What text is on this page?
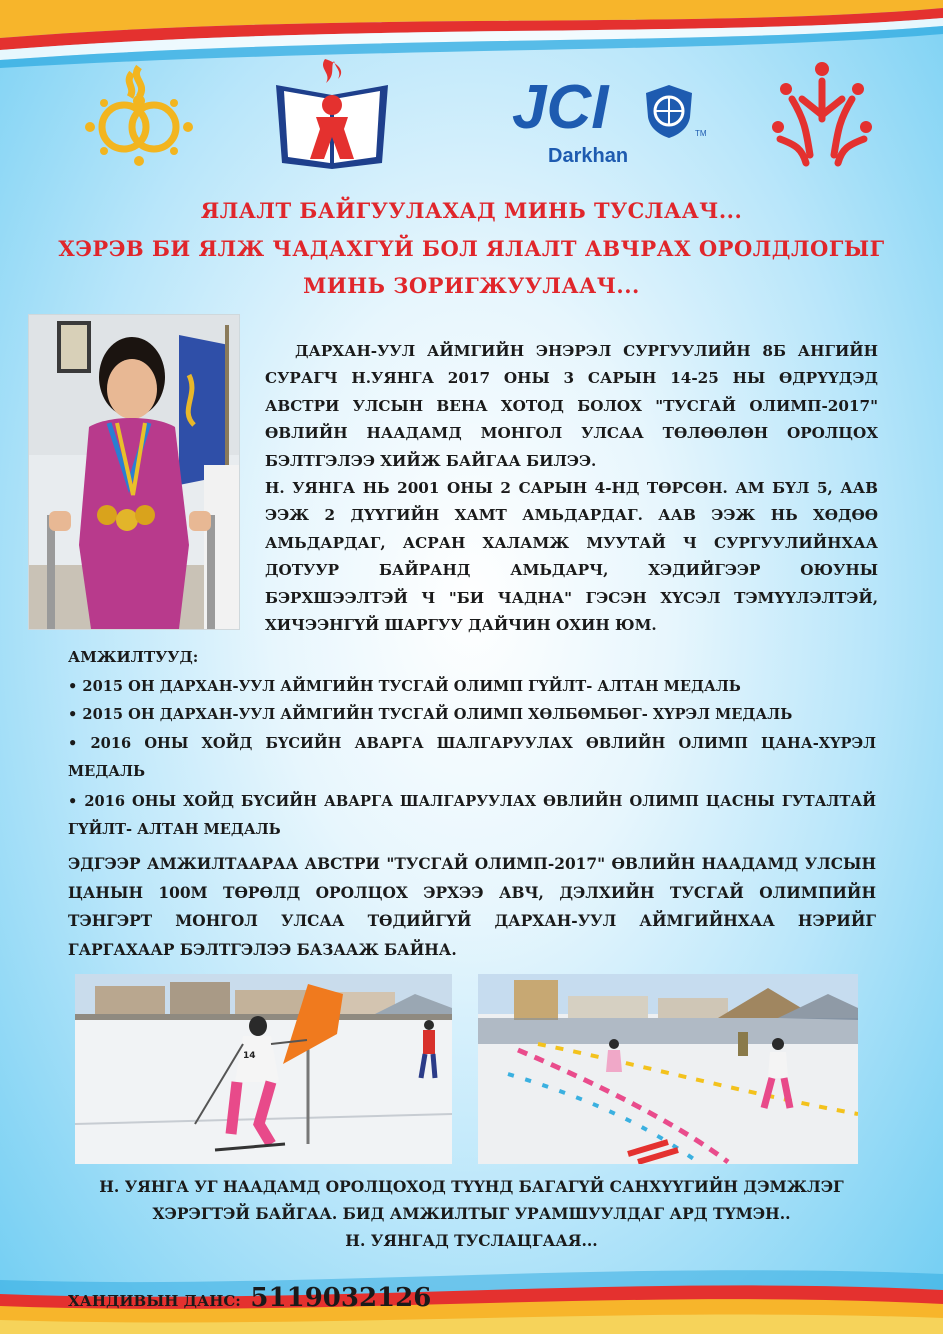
JCI	TM
Darkhan
ЯЛАЛТ БАЙГУУЛАХАД МИНЬ ТУСЛААЧ...
ХЭРЭВ БИ ЯЛЖ ЧАДАХГҮЙ БОЛ ЯЛАЛТ АВЧРАХ ОРОЛДЛОГЫГ
МИНЬ ЗОРИГЖУУЛААЧ...
ДАРХАН-УУЛ АЙМГИЙН ЭНЭРЭЛ СУРГУУЛИЙН 8Б АНГИЙН СУРАГЧ Н.УЯНГА 2017 ОНЫ 3 САРЫН 14-25 НЫ ӨДРҮҮДЭД АВСТРИ УЛСЫН ВЕНА ХОТОД БОЛОХ "ТУСГАЙ ОЛИМП-2017" ӨВЛИЙН НААДАМД МОНГОЛ УЛСАА ТӨЛӨӨЛӨН ОРОЛЦОХ БЭЛТГЭЛЭЭ ХИЙЖ БАЙГАА БИЛЭЭ.
Н. УЯНГА НЬ 2001 ОНЫ 2 САРЫН 4-НД ТӨРСӨН. АМ БҮЛ 5, ААВ ЭЭЖ 2 ДҮҮГИЙН ХАМТ АМЬДАРДАГ. ААВ ЭЭЖ НЬ ХӨДӨӨ АМЬДАРДАГ, АСРАН ХАЛАМЖ МУУТАЙ Ч СУРГУУЛИЙНХАА ДОТУУР БАЙРАНД АМЬДАРЧ, ХЭДИЙГЭЭР ОЮУНЫ БЭРХШЭЭЛТЭЙ Ч "БИ ЧАДНА" ГЭСЭН ХҮСЭЛ ТЭМҮҮЛЭЛТЭЙ, ХИЧЭЭНГҮЙ ШАРГУУ ДАЙЧИН ОХИН ЮМ.
АМЖИЛТУУД:
• 2015 ОН ДАРХАН-УУЛ АЙМГИЙН ТУСГАЙ ОЛИМП ГҮЙЛТ- АЛТАН МЕДАЛЬ
• 2015 ОН ДАРХАН-УУЛ АЙМГИЙН ТУСГАЙ ОЛИМП ХӨЛБӨМБӨГ- ХҮРЭЛ МЕДАЛЬ
• 2016 ОНЫ ХОЙД БҮСИЙН АВАРГА ШАЛГАРУУЛАХ ӨВЛИЙН ОЛИМП ЦАНА-ХҮРЭЛ МЕДАЛЬ
• 2016 ОНЫ ХОЙД БҮСИЙН АВАРГА ШАЛГАРУУЛАХ ӨВЛИЙН ОЛИМП ЦАСНЫ ГУТАЛТАЙ ГҮЙЛТ- АЛТАН МЕДАЛЬ
ЭДГЭЭР АМЖИЛТААРАА АВСТРИ "ТУСГАЙ ОЛИМП-2017" ӨВЛИЙН НААДАМД УЛСЫН ЦАНЫН 100М ТӨРӨЛД ОРОЛЦОХ ЭРХЭЭ АВЧ, ДЭЛХИЙН ТУСГАЙ ОЛИМПИЙН ТЭНГЭРТ МОНГОЛ УЛСАА ТӨДИЙГҮЙ ДАРХАН-УУЛ АЙМГИЙНХАА НЭРИЙГ ГАРГАХААР БЭЛТГЭЛЭЭ БАЗААЖ БАЙНА.
14
Н. УЯНГА УГ НААДАМД ОРОЛЦОХОД ТҮҮНД БАГАГҮЙ САНХҮҮГИЙН ДЭМЖЛЭГ
ХЭРЭГТЭЙ БАЙГАА. БИД АМЖИЛТЫГ УРАМШУУЛДАГ АРД ТҮМЭН..
Н. УЯНГАД ТУСЛАЦГААЯ...
ХАНДИВЫН ДАНС: 5119032126
